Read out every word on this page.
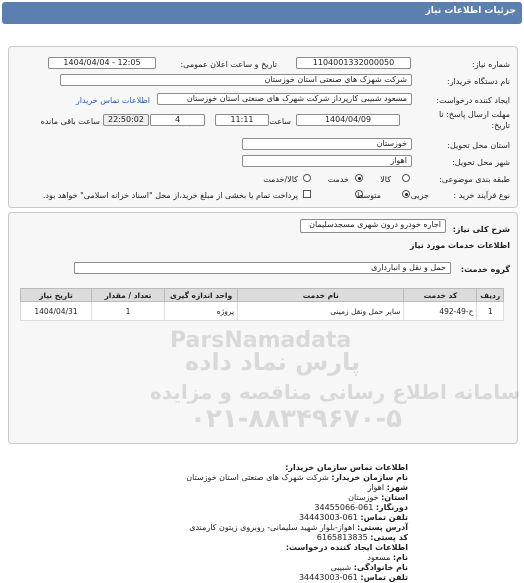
جزئیات اطلاعات نیاز
شماره نیاز:
1104001332000050
تاریخ و ساعت اعلان عمومی:
1404/04/04 - 12:05
نام دستگاه خریدار:
شرکت شهرک های صنعتی استان خوزستان
ایجاد کننده درخواست:
مسعود شبیبی کارپرداز شرکت شهرک های صنعتی استان خوزستان
اطلاعات تماس خریدار
مهلت ارسال پاسخ: تا
تاریخ:
1404/04/09
ساعت
11:11
4
22:50:02
ساعت باقی مانده
استان محل تحویل:
خوزستان
شهر محل تحویل:
اهواز
طبقه بندی موضوعی:
کالا
خدمت
کالا/خدمت
نوع فرآیند خرید :
جزیی
متوسط
پرداخت تمام یا بخشی از مبلغ خرید،از محل "اسناد خزانه اسلامی" خواهد بود.
شرح کلی نیاز:
اجاره خودرو درون شهری مسجدسلیمان
اطلاعات خدمات مورد نیاز
گروه خدمت:
حمل و نقل و انبارداری
تاریخ نیاز	تعداد / مقدار	واحد اندازه گیری	نام خدمت	کد خدمت	ردیف
1404/04/31	1	پروژه	سایر حمل ونقل زمینی	ح-49-492	1
ParsNamadata
پارس نماد داده
سامانه اطلاع رسانی مناقصه و مزایده
۰۲۱-۸۸۳۴۹۶۷۰-۵
اطلاعات تماس سازمان خریدار:
نام سازمان خریدار: شرکت شهرک های صنعتی استان خوزستان
شهر: اهواز
استان: خوزستان
دورنگار: 061-34455066
تلفن تماس: 061-34443003
آدرس پستی: اهواز-بلوار شهید سلیمانی- روبروی زیتون کارمندی
کد پستی: 6165813835
اطلاعات ایجاد کننده درخواست:
نام: مسعود
نام خانوادگی: شبیبی
تلفن تماس: 061-34443003
